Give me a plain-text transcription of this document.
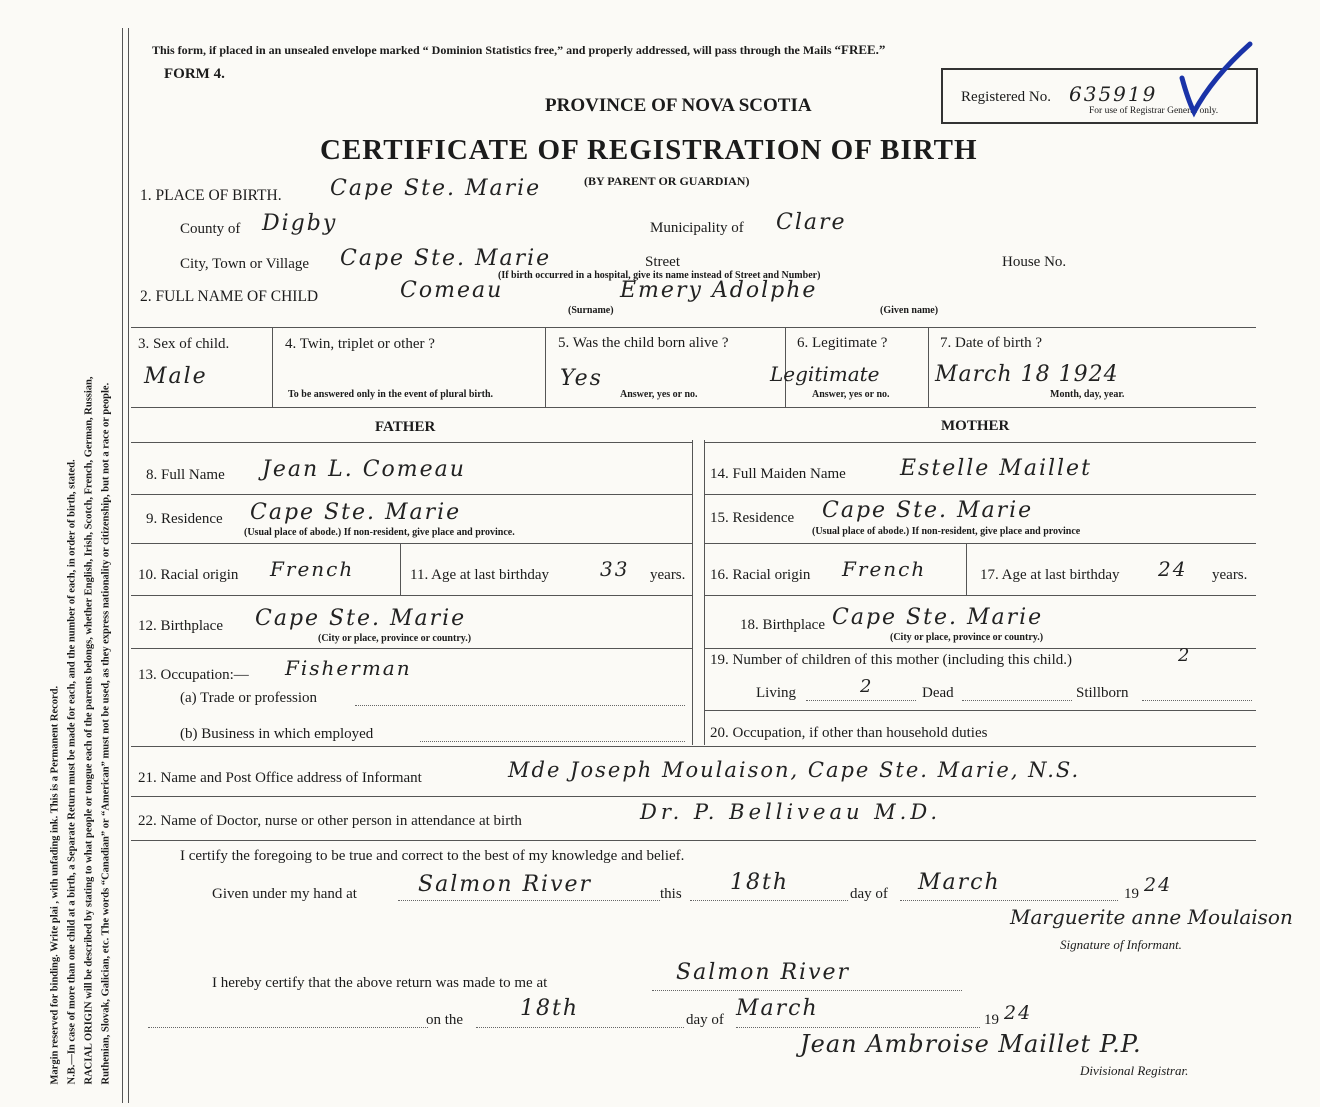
Margin reserved for binding. Write plai , with unfading ink. This is a Permanent Record. N.B.—In case of more than one child at a birth, a Separate Return must be made for each, and the number of each, in order of birth, stated. RACIAL ORIGIN will be described by stating to what people or tongue each of the parents belongs, whether English, Irish, Scotch, French, German, Russian, Ruthenian, Slovak, Galician, etc. The words “Canadian” or “American” must not be used, as they express nationality or citizenship, but not a race or people.
This form, if placed in an unsealed envelope marked “ Dominion Statistics free,” and properly addressed, will pass through the Mails “FREE.”
FORM 4.
PROVINCE OF NOVA SCOTIA
CERTIFICATE OF REGISTRATION OF BIRTH
(BY PARENT OR GUARDIAN)
Registered No. 635919
For use of Registrar General only.
1. PLACE OF BIRTH. Cape Ste. Marie
County of Digby	Municipality of Clare
City, Town or Village Cape Ste. Marie	Street	House No.
(If birth occurred in a hospital, give its name instead of Street and Number)
2. FULL NAME OF CHILD	Comeau	Emery Adolphe
(Surname)	(Given name)
3. Sex of child.
Male
4. Twin, triplet or other ?
To be answered only in the event of plural birth.
5. Was the child born alive ?
Yes
Answer, yes or no.
6. Legitimate ?
Legitimate
Answer, yes or no.
7. Date of birth ?
March 18 1924
Month, day, year.
FATHER	MOTHER
8. Full Name Jean L. Comeau
9. Residence Cape Ste. Marie
(Usual place of abode.) If non-resident, give place and province.
10. Racial origin French	11. Age at last birthday	33 years.
12. Birthplace Cape Ste. Marie
(City or place, province or country.)
13. Occupation:— Fisherman
(a) Trade or profession
(b) Business in which employed
14. Full Maiden Name Estelle Maillet
15. Residence Cape Ste. Marie
(Usual place of abode.) If non-resident, give place and province
16. Racial origin French	17. Age at last birthday 24 years.
18. Birthplace Cape Ste. Marie
(City or place, province or country.)
19. Number of children of this mother (including this child.)	2
Living	2	Dead	Stillborn
20. Occupation, if other than household duties
21. Name and Post Office address of Informant	Mde Joseph Moulaison, Cape Ste. Marie, N.S.
22. Name of Doctor, nurse or other person in attendance at birth	Dr. P. Belliveau M.D.
I certify the foregoing to be true and correct to the best of my knowledge and belief.
Given under my hand at	Salmon River	this 18th	day of March	19 24
Marguerite anne Moulaison
Signature of Informant.
I hereby certify that the above return was made to me at	Salmon River
on the	18th	day of March	19 24
Jean Ambroise Maillet P.P.
Divisional Registrar.
